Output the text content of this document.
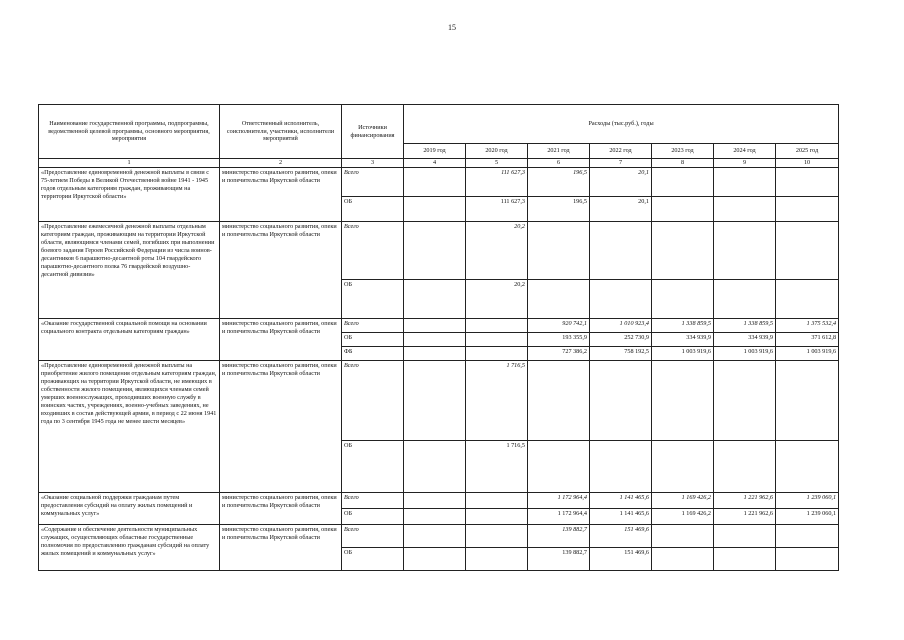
15
Наименование государственной программы, подпрограммы, ведомственной целевой программы, основного мероприятия, мероприятия	Ответственный исполнитель, соисполнители, участники, исполнители мероприятий	Источники финансирования	Расходы (тыс.руб.), годы						
			2019 год	2020 год	2021 год	2022 год	2023 год	2024 год	2025 год
1	2	3	4	5	6	7	8	9	10
«Предоставление единовременной денежной выплаты в связи с 75-летием Победы в Великой Отечественной войне 1941 - 1945 годов отдельным категориям граждан, проживающим на территории Иркутской области»	министерство социального развития, опеки и попечительства Иркутской области	Всего		111 627,3	196,5	20,1			
		ОБ		111 627,3	196,5	20,1			
«Предоставление ежемесячной денежной выплаты отдельным категориям граждан, проживающим на территории Иркутской области, являющимся членами семей, погибших при выполнении боевого задания Героев Российской Федерации из числа воинов-десантников 6 парашютно-десантной роты 104 гвардейского парашютно-десантного полка 76 гвардейской воздушно-десантной дивизии»	министерство социального развития, опеки и попечительства Иркутской области	Всего		20,2					
		ОБ		20,2					
«Оказание государственной социальной помощи на основании социального контракта отдельным категориям граждан»	министерство социального развития, опеки и попечительства Иркутской области	Всего			920 742,1	1 010 923,4	1 338 859,5	1 338 859,5	1 375 532,4
		ОБ			193 355,9	252 730,9	334 939,9	334 939,9	371 612,8
		ФБ			727 386,2	758 192,5	1 003 919,6	1 003 919,6	1 003 919,6
«Предоставление единовременной денежной выплаты на приобретение жилого помещения отдельным категориям граждан, проживающих на территории Иркутской области, не имеющих в собственности жилого помещения, являющихся членами семей умерших военнослужащих, проходивших военную службу в воинских частях, учреждениях, военно-учебных заведениях, не входивших в состав действующей армии, в период с 22 июня 1941 года по 3 сентября 1945 года не менее шести месяцев»	министерство социального развития, опеки и попечительства Иркутской области	Всего		1 716,5					
		ОБ		1 716,5					
«Оказание социальной поддержки гражданам путем предоставления субсидий на оплату жилых помещений и коммунальных услуг»	министерство социального развития, опеки и попечительства Иркутской области	Всего			1 172 964,4	1 141 465,6	1 169 426,2	1 221 962,6	1 239 060,1
		ОБ			1 172 964,4	1 141 465,6	1 169 426,2	1 221 962,6	1 239 060,1
«Содержание и обеспечение деятельности муниципальных служащих, осуществляющих областные государственные полномочия по предоставлению гражданам субсидий на оплату жилых помещений и коммунальных услуг»	министерство социального развития, опеки и попечительства Иркутской области	Всего			139 882,7	151 469,6			
		ОБ			139 882,7	151 469,6			
